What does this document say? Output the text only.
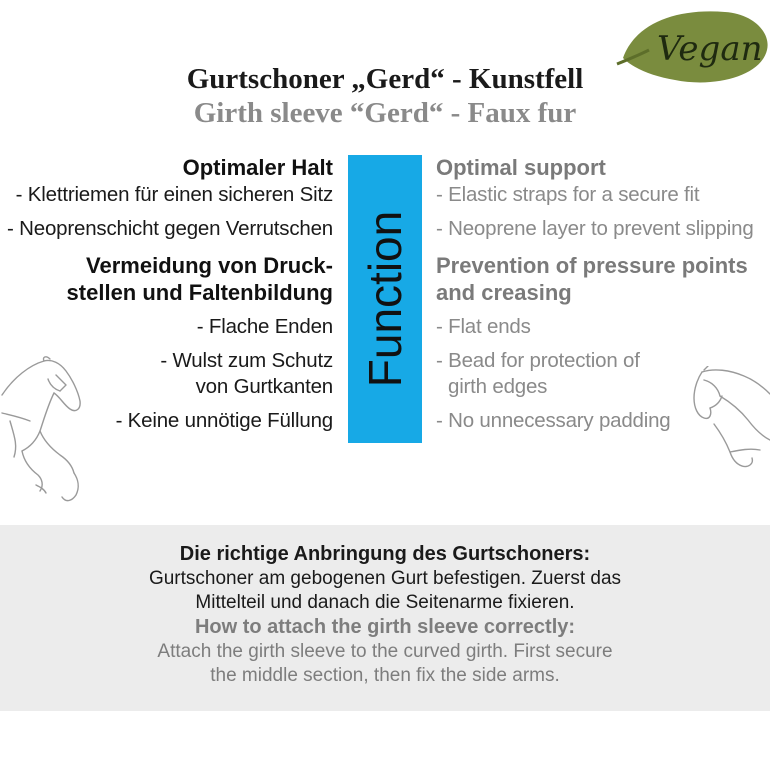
Vegan
Gurtschoner „Gerd“ - Kunstfell
Girth sleeve “Gerd“ - Faux fur
Optimaler Halt
- Klettriemen für einen sicheren Sitz
- Neoprenschicht gegen Verrutschen
Vermeidung von Druck-
stellen und Faltenbildung
- Flache Enden
- Wulst zum Schutz
von Gurtkanten
- Keine unnötige Füllung
Function
Optimal support
- Elastic straps for a secure fit
- Neoprene layer to prevent slipping
Prevention of pressure points
and creasing
- Flat ends
- Bead for protection of
girth edges
- No unnecessary padding
Die richtige Anbringung des Gurtschoners:
Gurtschoner am gebogenen Gurt befestigen. Zuerst das
Mittelteil und danach die Seitenarme fixieren.
How to attach the girth sleeve correctly:
Attach the girth sleeve to the curved girth. First secure
the middle section, then fix the side arms.
